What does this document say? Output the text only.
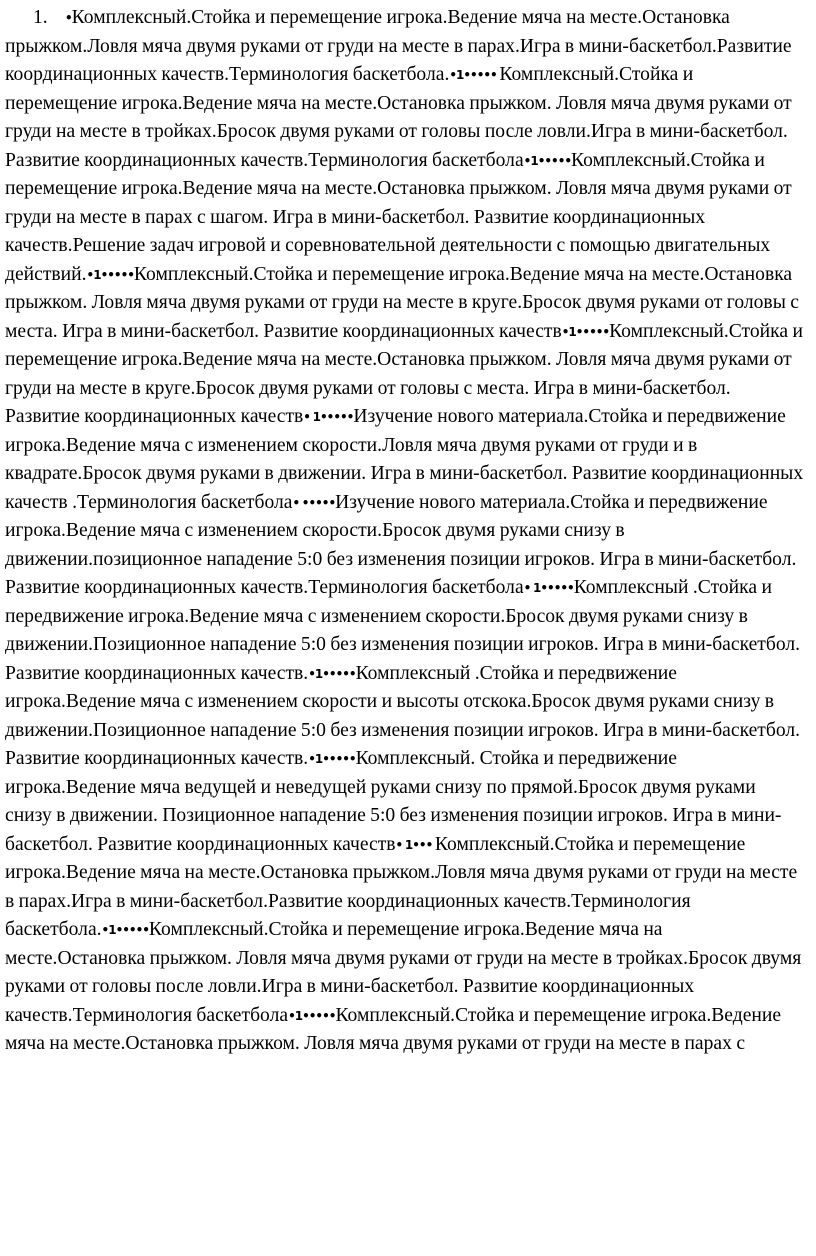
1. •Комплексный.Стойка и перемещение игрока.Ведение мяча на месте.Остановка прыжком.Ловля мяча двумя руками от груди на месте в парах.Игра в мини-баскетбол.Развитие координационных качеств.Терминология баскетбола.•1••••• Комплексный.Стойка и перемещение игрока.Ведение мяча на месте.Остановка прыжком. Ловля мяча двумя руками от груди на месте в тройках.Бросок двумя руками от головы после ловли.Игра в мини-баскетбол. Развитие координационных качеств.Терминология баскетбола•1•••••Комплексный.Стойка и перемещение игрока.Ведение мяча на месте.Остановка прыжком. Ловля мяча двумя руками от груди на месте в парах с шагом. Игра в мини-баскетбол. Развитие координационных качеств.Решение задач игровой и соревновательной деятельности с помощью двигательных действий.•1•••••Комплексный.Стойка и перемещение игрока.Ведение мяча на месте.Остановка прыжком. Ловля мяча двумя руками от груди на месте в круге.Бросок двумя руками от головы с места. Игра в мини-баскетбол. Развитие координационных качеств•1•••••Комплексный.Стойка и перемещение игрока.Ведение мяча на месте.Остановка прыжком. Ловля мяча двумя руками от груди на месте в круге.Бросок двумя руками от головы с места. Игра в мини-баскетбол. Развитие координационных качеств• 1•••••Изучение нового материала.Стойка и передвижение игрока.Ведение мяча с изменением скорости.Ловля мяча двумя руками от груди и в квадрате.Бросок двумя руками в движении. Игра в мини-баскетбол. Развитие координационных качеств .Терминология баскетбола• •••••Изучение нового материала.Стойка и передвижение игрока.Ведение мяча с изменением скорости.Бросок двумя руками снизу в движении.позиционное нападение 5:0 без изменения позиции игроков. Игра в мини-баскетбол. Развитие координационных качеств.Терминология баскетбола• 1•••••Комплексный .Стойка и передвижение игрока.Ведение мяча с изменением скорости.Бросок двумя руками снизу в движении.Позиционное нападение 5:0 без изменения позиции игроков. Игра в мини-баскетбол. Развитие координационных качеств.•1•••••Комплексный .Стойка и передвижение игрока.Ведение мяча с изменением скорости и высоты отскока.Бросок двумя руками снизу в движении.Позиционное нападение 5:0 без изменения позиции игроков. Игра в мини-баскетбол. Развитие координационных качеств.•1•••••Комплексный. Стойка и передвижение игрока.Ведение мяча ведущей и неведущей руками снизу по прямой.Бросок двумя руками снизу в движении. Позиционное нападение 5:0 без изменения позиции игроков. Игра в мини-баскетбол. Развитие координационных качеств• 1••• Комплексный.Стойка и перемещение игрока.Ведение мяча на месте.Остановка прыжком.Ловля мяча двумя руками от груди на месте в парах.Игра в мини-баскетбол.Развитие координационных качеств.Терминология баскетбола.•1•••••Комплексный.Стойка и перемещение игрока.Ведение мяча на месте.Остановка прыжком. Ловля мяча двумя руками от груди на месте в тройках.Бросок двумя руками от головы после ловли.Игра в мини-баскетбол. Развитие координационных качеств.Терминология баскетбола•1•••••Комплексный.Стойка и перемещение игрока.Ведение мяча на месте.Остановка прыжком. Ловля мяча двумя руками от груди на месте в парах с
